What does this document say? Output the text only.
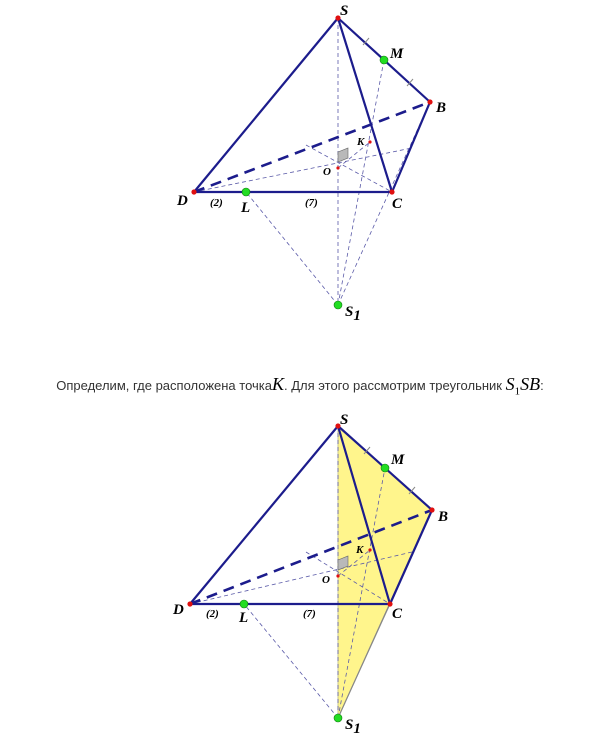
S
M
B
K
O
D	C
L
(2)	(7)
S1
Определим, где расположена точкаK. Для этого рассмотрим треугольник $S_1SB$:
S
M
B
K
O
D	C
L
(2)	(7)
S1
